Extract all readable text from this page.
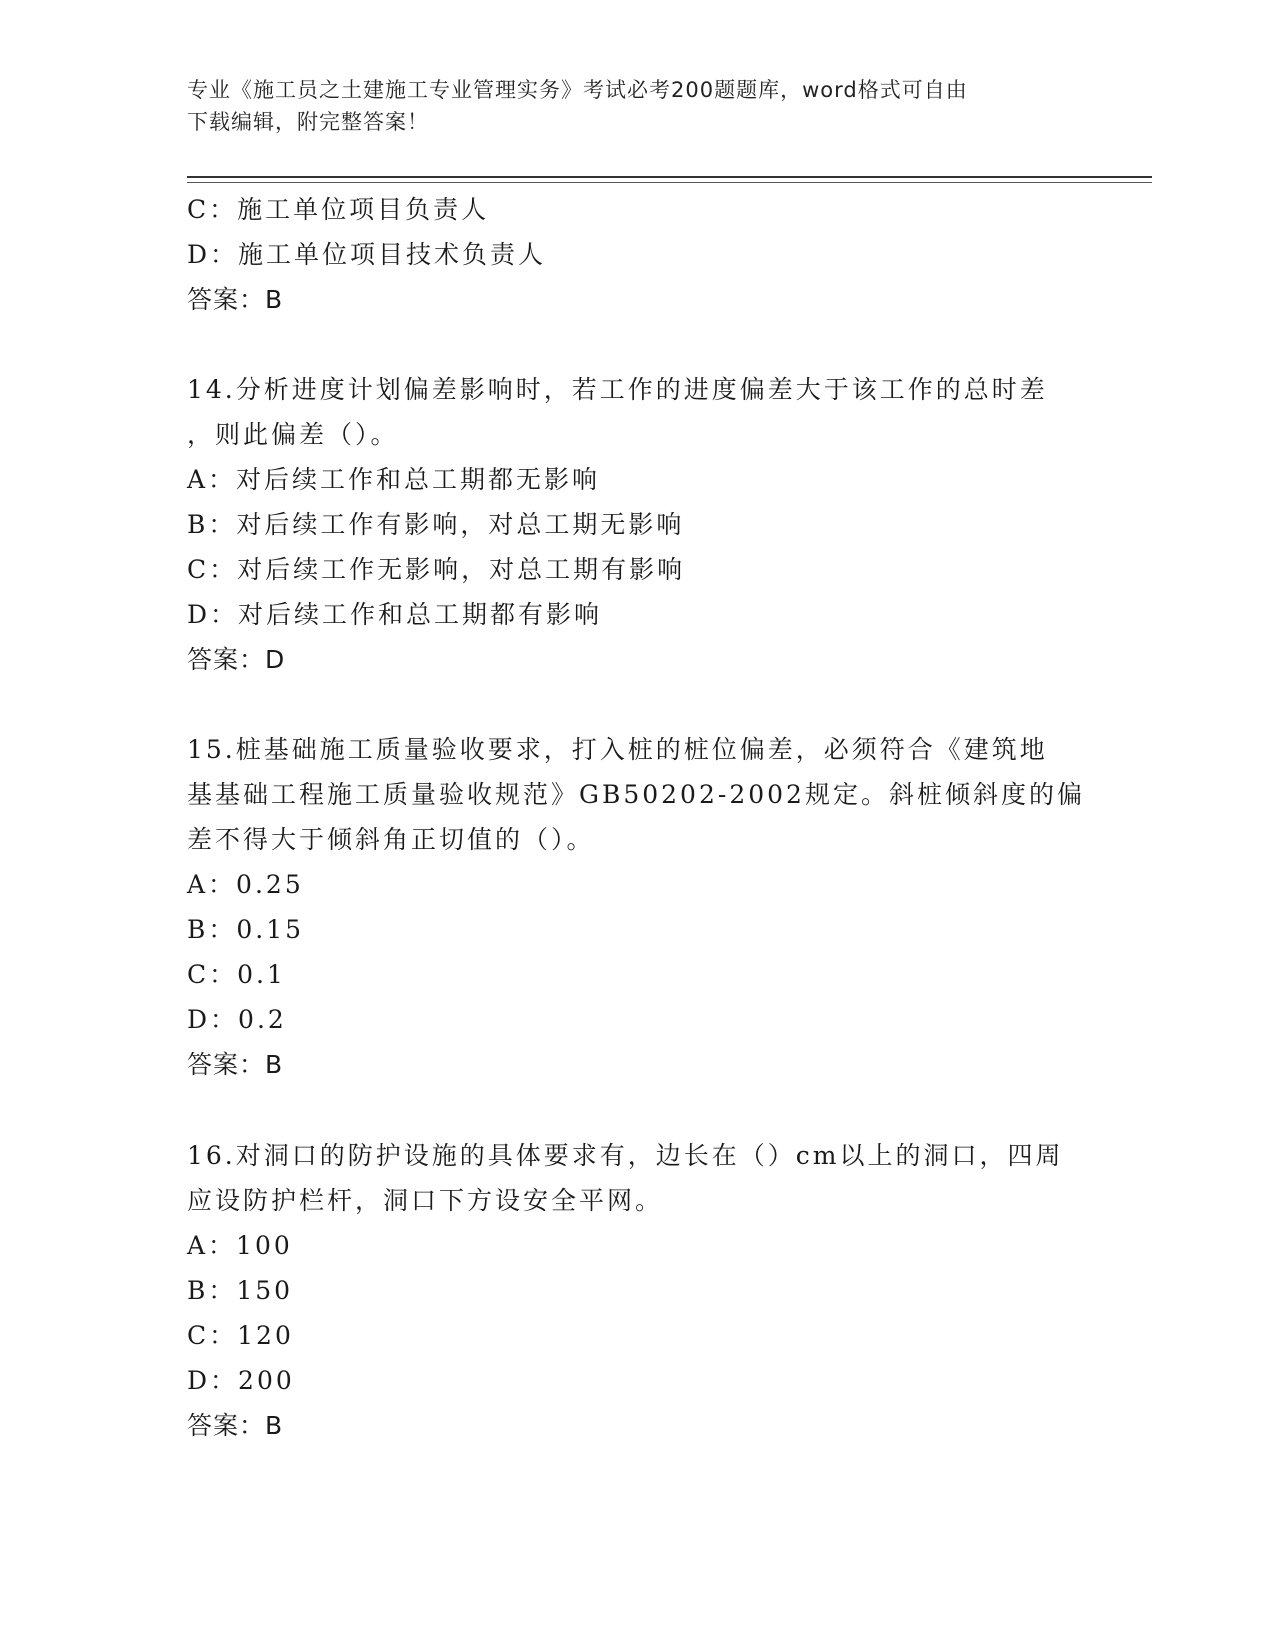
专业《施工员之土建施工专业管理实务》考试必考200题题库，word格式可自由
下载编辑，附完整答案！
C：施工单位项目负责人
D：施工单位项目技术负责人
答案：B
14.分析进度计划偏差影响时，若工作的进度偏差大于该工作的总时差
，则此偏差（）。
A：对后续工作和总工期都无影响
B：对后续工作有影响，对总工期无影响
C：对后续工作无影响，对总工期有影响
D：对后续工作和总工期都有影响
答案：D
15.桩基础施工质量验收要求，打入桩的桩位偏差，必须符合《建筑地
基基础工程施工质量验收规范》GB50202-2002规定。斜桩倾斜度的偏
差不得大于倾斜角正切值的（）。
A：0.25
B：0.15
C：0.1
D：0.2
答案：B
16.对洞口的防护设施的具体要求有，边长在（）cm以上的洞口，四周
应设防护栏杆，洞口下方设安全平网。
A：100
B：150
C：120
D：200
答案：B
